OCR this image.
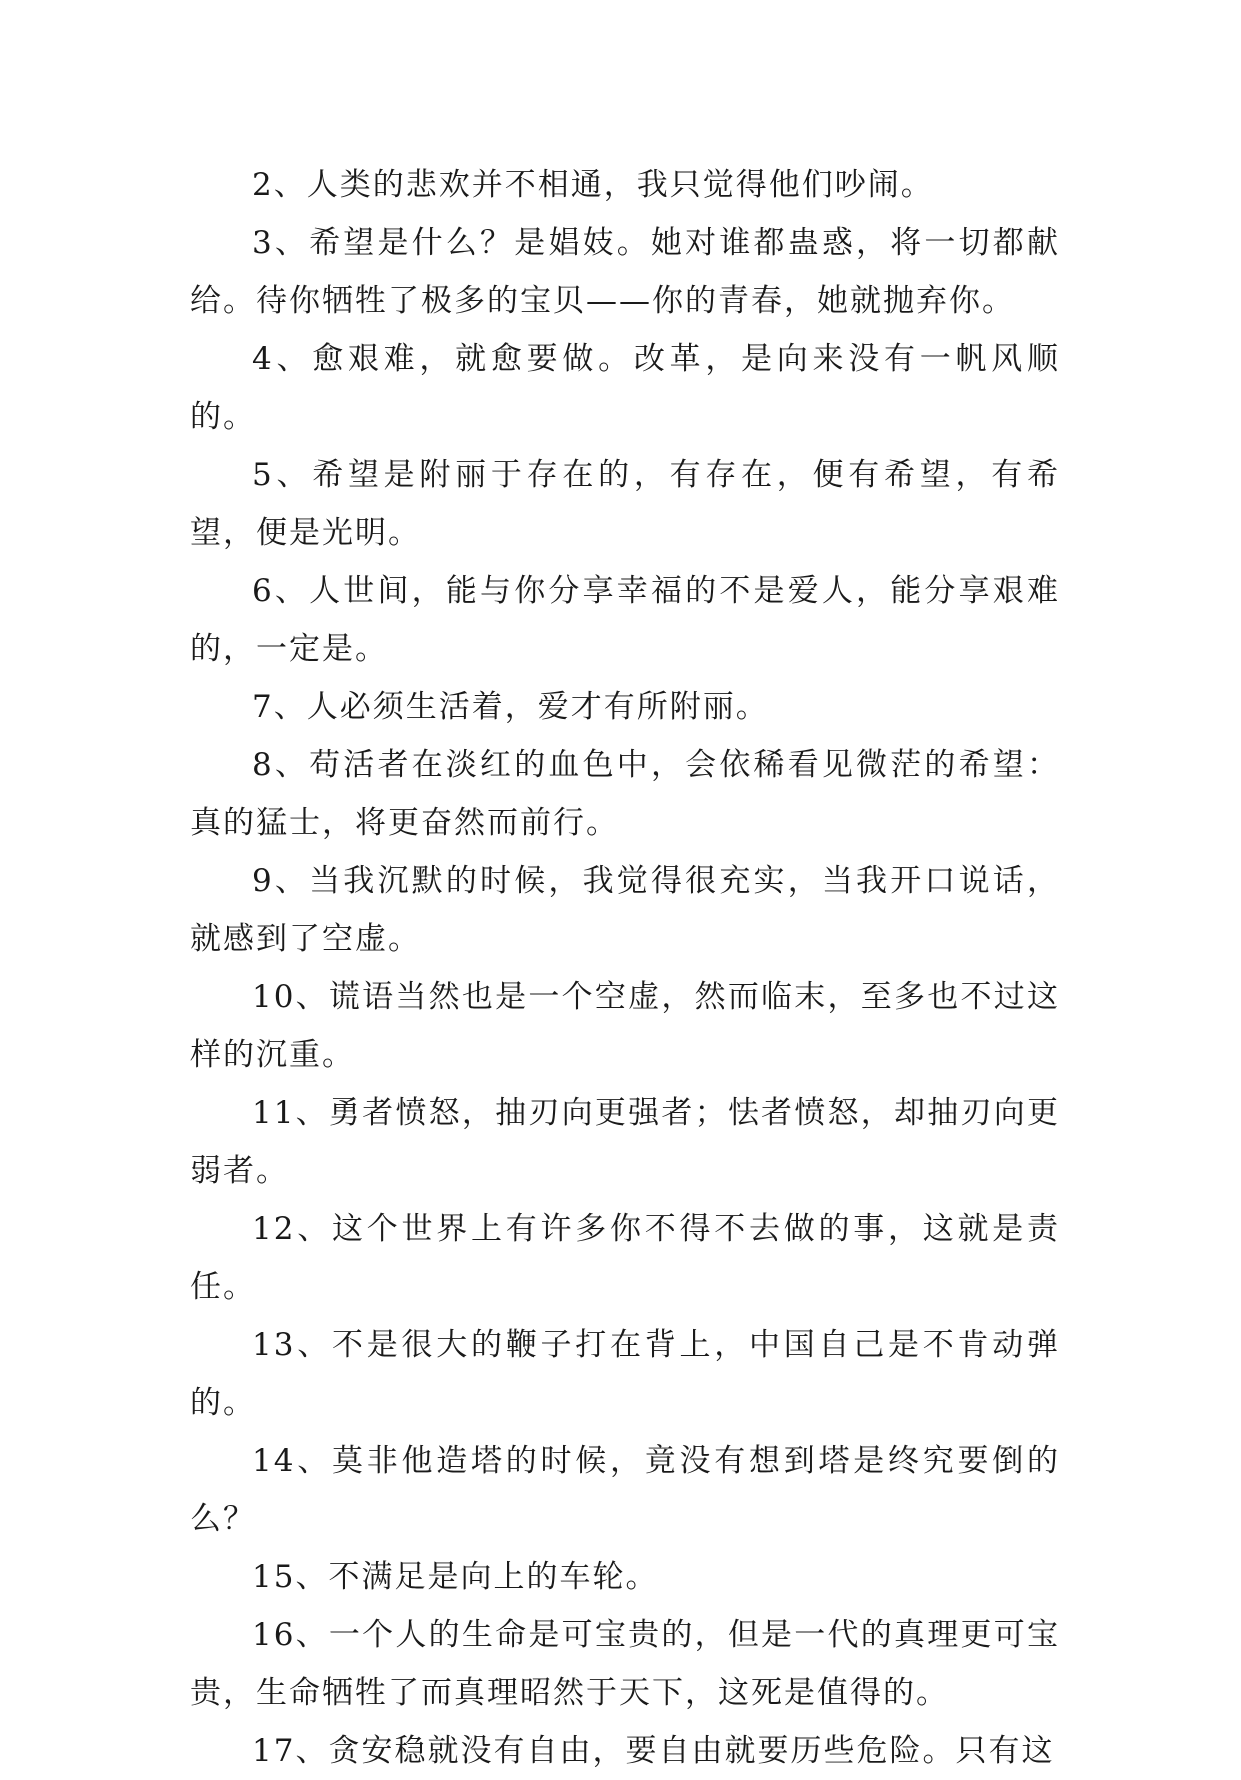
2、人类的悲欢并不相通，我只觉得他们吵闹。

3、希望是什么？是娼妓。她对谁都蛊惑，将一切都献给。待你牺牲了极多的宝贝——你的青春，她就抛弃你。

4、愈艰难，就愈要做。改革，是向来没有一帆风顺的。

5、希望是附丽于存在的，有存在，便有希望，有希望，便是光明。

6、人世间，能与你分享幸福的不是爱人，能分享艰难的，一定是。

7、人必须生活着，爱才有所附丽。

8、苟活者在淡红的血色中，会依稀看见微茫的希望：真的猛士，将更奋然而前行。

9、当我沉默的时候，我觉得很充实，当我开口说话，就感到了空虚。

10、谎语当然也是一个空虚，然而临末，至多也不过这样的沉重。

11、勇者愤怒，抽刃向更强者；怯者愤怒，却抽刃向更弱者。

12、这个世界上有许多你不得不去做的事，这就是责任。

13、不是很大的鞭子打在背上，中国自己是不肯动弹的。

14、莫非他造塔的时候，竟没有想到塔是终究要倒的么？

15、不满足是向上的车轮。

16、一个人的生命是可宝贵的，但是一代的真理更可宝贵，生命牺牲了而真理昭然于天下，这死是值得的。

17、贪安稳就没有自由，要自由就要历些危险。只有这
